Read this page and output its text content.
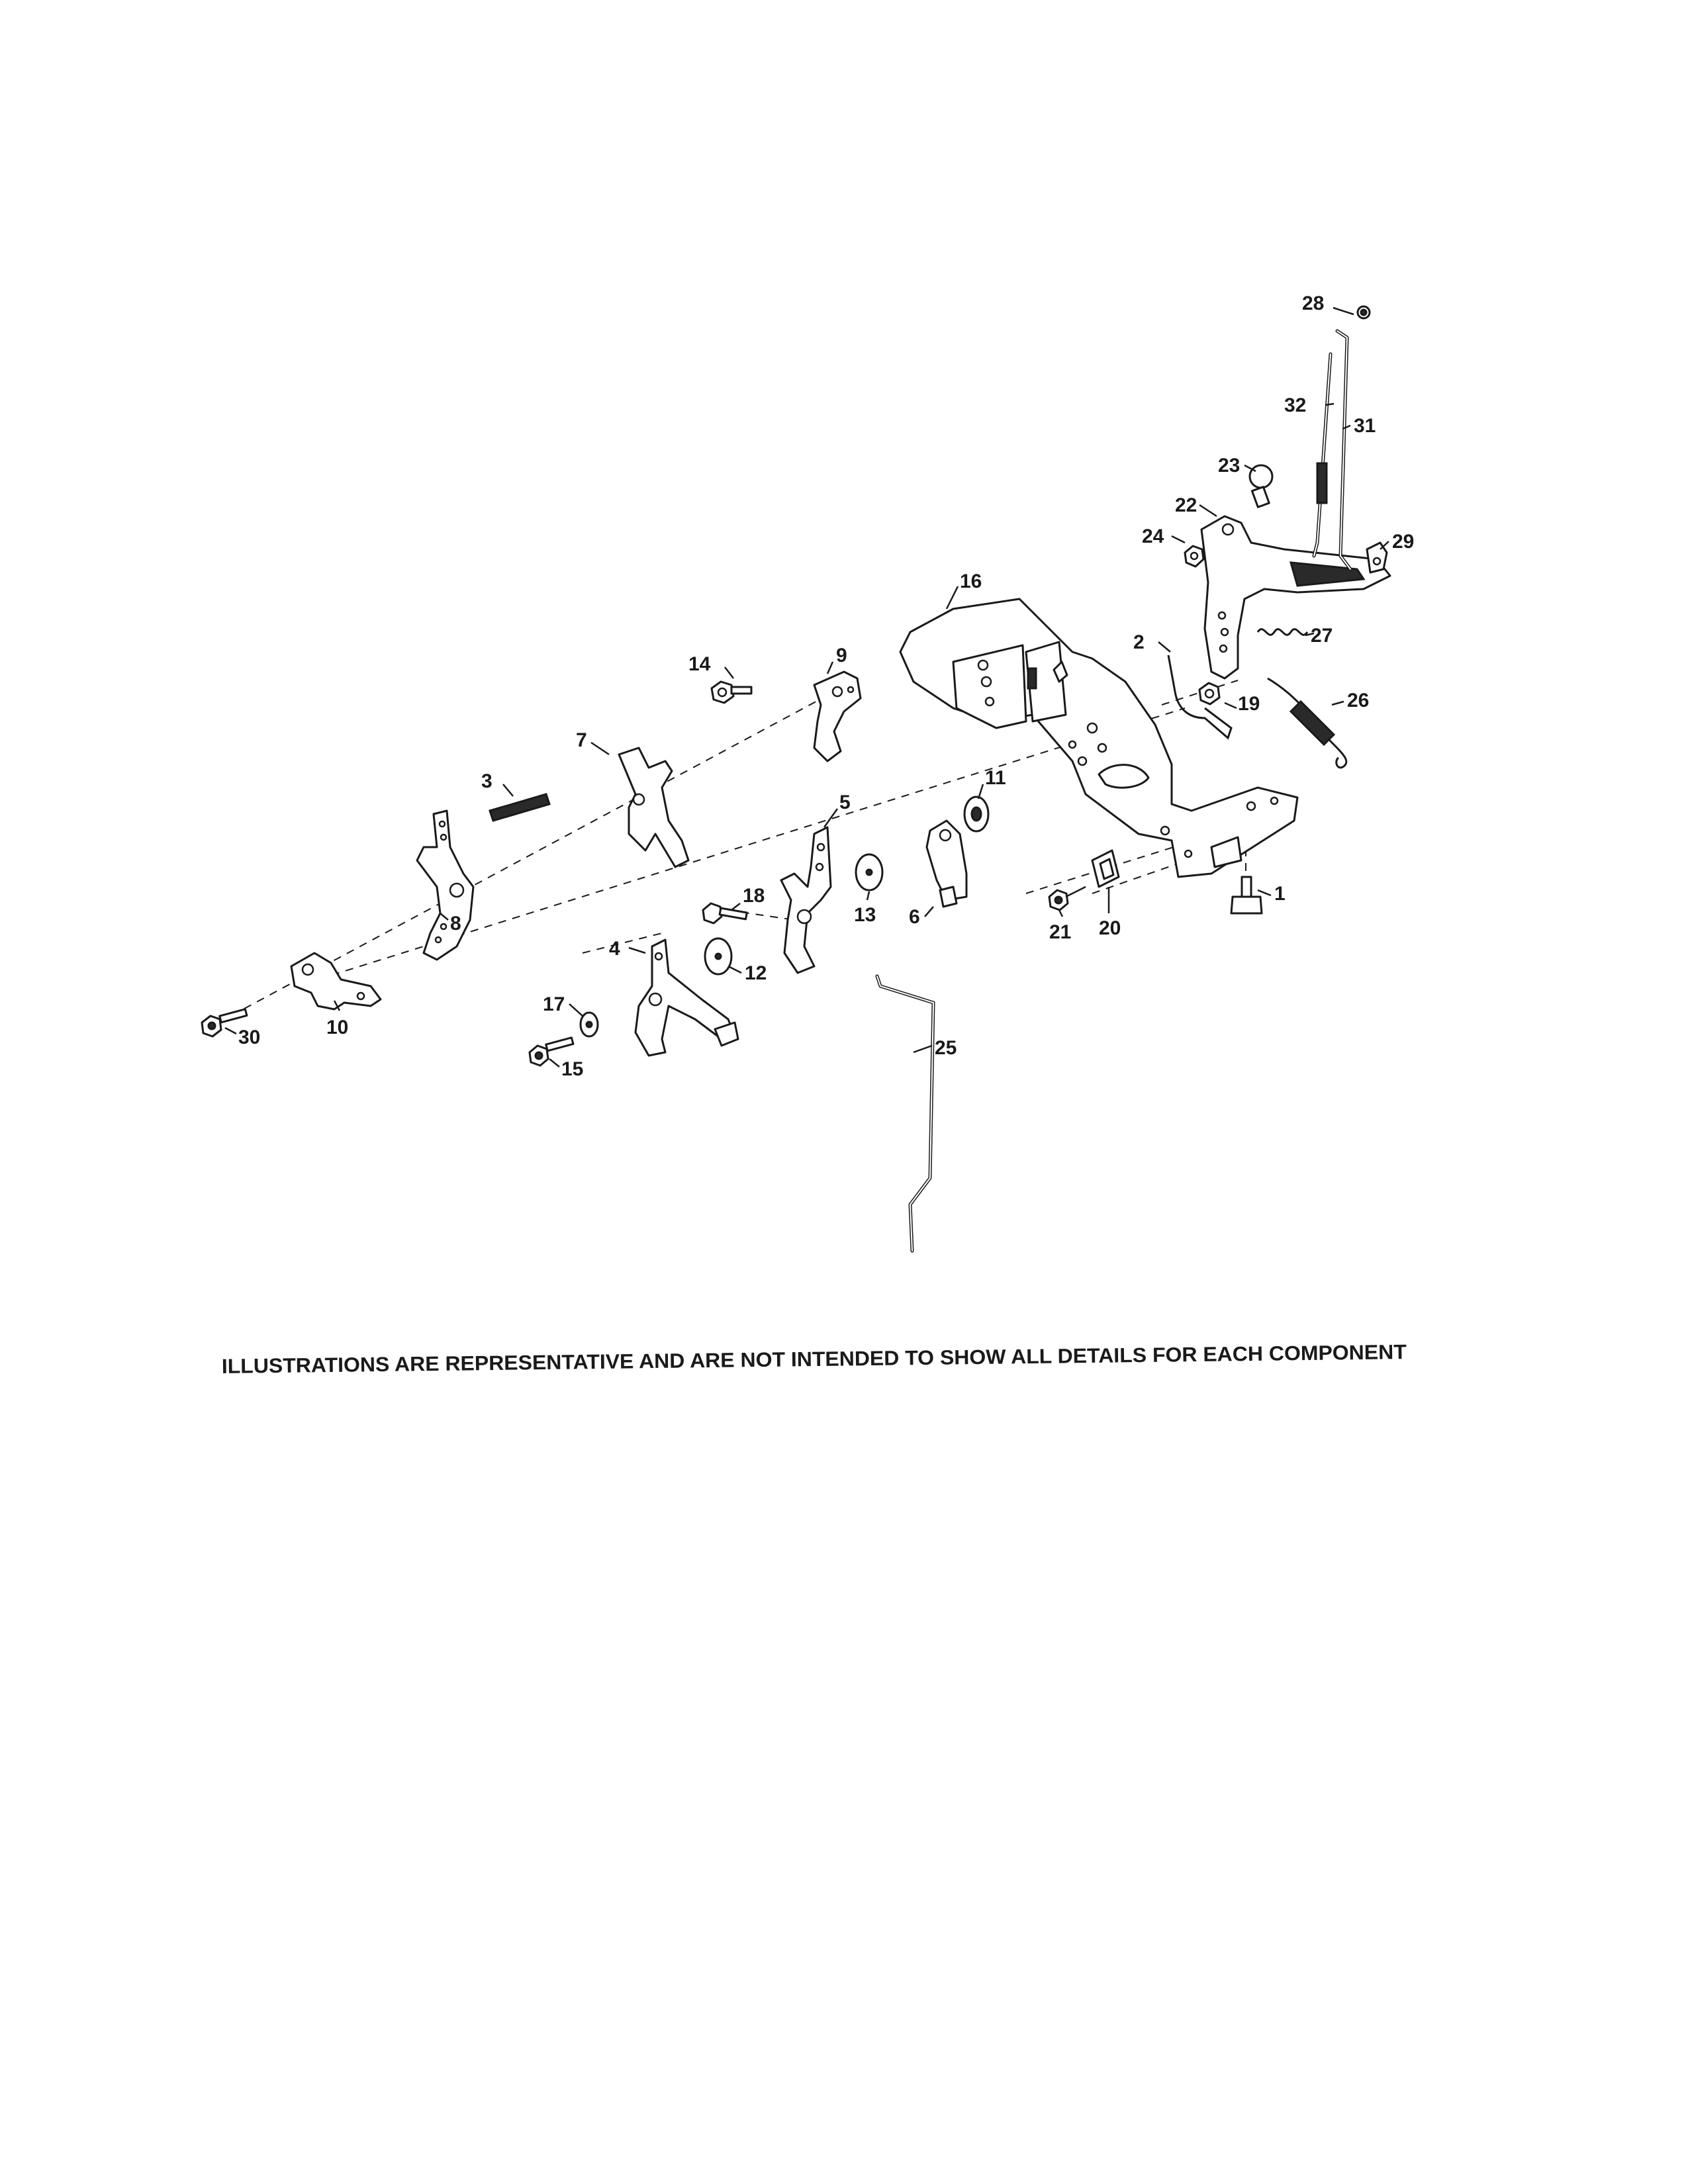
28
32
31
23
22
24	29
16
27
2
19	26
14	9
7
3	11
5
1
13 6
18
8	20
21
4
12
10
30	25
17
15
ILLUSTRATIONS ARE REPRESENTATIVE AND ARE NOT INTENDED TO SHOW ALL DETAILS FOR EACH COMPONENT
